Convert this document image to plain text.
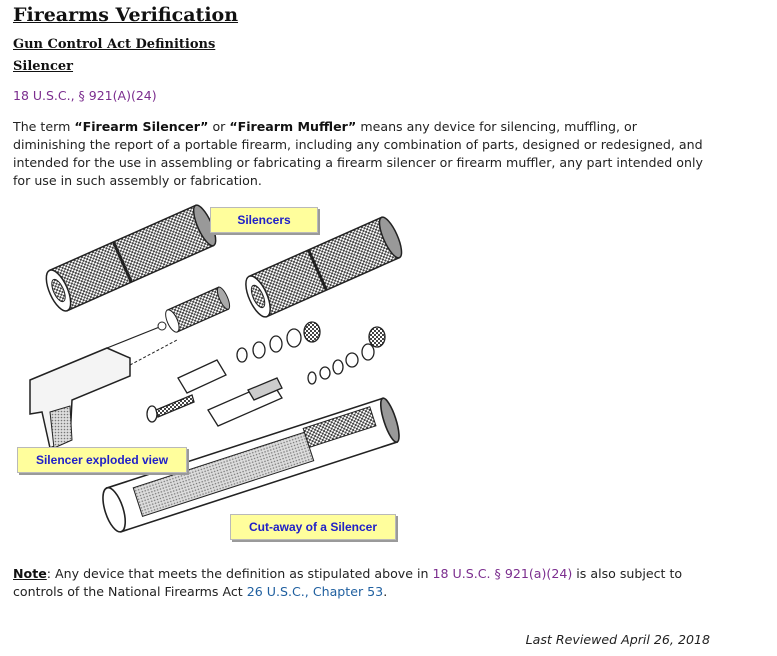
Firearms Verification
Gun Control Act Definitions
Silencer
18 U.S.C., § 921(A)(24)

The term “Firearm Silencer” or “Firearm Muffler” means any device for silencing, muffling, or diminishing the report of a portable firearm, including any combination of parts, designed or redesigned, and intended for the use in assembling or fabricating a firearm silencer or firearm muffler, any part intended only for use in such assembly or fabrication.

Silencers
Silencer exploded view
Cut-away of a Silencer

Note: Any device that meets the definition as stipulated above in 18 U.S.C. § 921(a)(24) is also subject to controls of the National Firearms Act 26 U.S.C., Chapter 53.

Last Reviewed April 26, 2018
